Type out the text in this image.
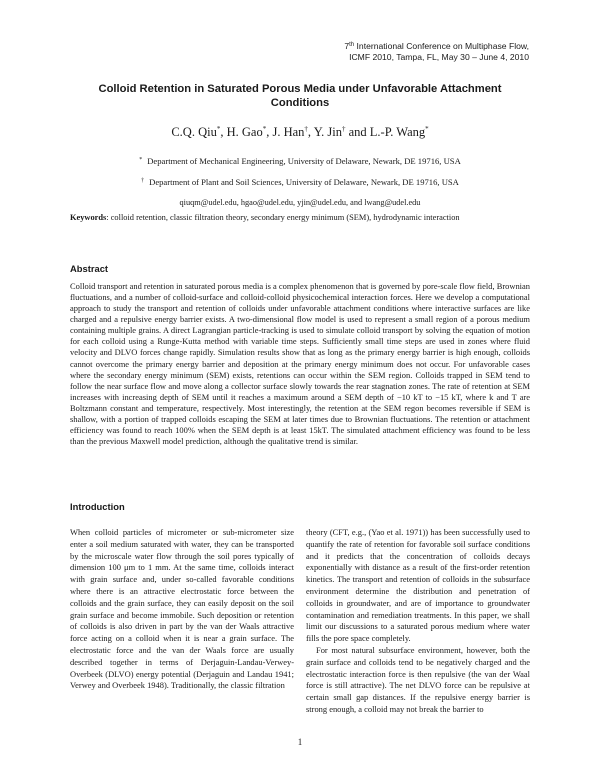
7th International Conference on Multiphase Flow,
ICMF 2010, Tampa, FL, May 30 – June 4, 2010
Colloid Retention in Saturated Porous Media under Unfavorable Attachment Conditions
C.Q. Qiu*, H. Gao*, J. Han†, Y. Jin† and L.-P. Wang*
* Department of Mechanical Engineering, University of Delaware, Newark, DE 19716, USA
† Department of Plant and Soil Sciences, University of Delaware, Newark, DE 19716, USA
qiuqm@udel.edu, hgao@udel.edu, yjin@udel.edu, and lwang@udel.edu
Keywords: colloid retention, classic filtration theory, secondary energy minimum (SEM), hydrodynamic interaction
Abstract
Colloid transport and retention in saturated porous media is a complex phenomenon that is governed by pore-scale flow field, Brownian fluctuations, and a number of colloid-surface and colloid-colloid physicochemical interaction forces. Here we develop a computational approach to study the transport and retention of colloids under unfavorable attachment conditions where interactive surfaces are like charged and a repulsive energy barrier exists. A two-dimensional flow model is used to represent a small region of a porous medium containing multiple grains. A direct Lagrangian particle-tracking is used to simulate colloid transport by solving the equation of motion for each colloid using a Runge-Kutta method with variable time steps. Sufficiently small time steps are used in zones where fluid velocity and DLVO forces change rapidly. Simulation results show that as long as the primary energy barrier is high enough, colloids cannot overcome the primary energy barrier and deposition at the primary energy minimum does not occur. For unfavorable cases where the secondary energy minimum (SEM) exists, retentions can occur within the SEM region. Colloids trapped in SEM tend to follow the near surface flow and move along a collector surface slowly towards the rear stagnation zones. The rate of retention at SEM increases with increasing depth of SEM until it reaches a maximum around a SEM depth of −10 kT to −15 kT, where k and T are Boltzmann constant and temperature, respectively. Most interestingly, the retention at the SEM regon becomes reversible if SEM is shallow, with a portion of trapped colloids escaping the SEM at later times due to Brownian fluctuations. The retention or attachment efficiency was found to reach 100% when the SEM depth is at least 15kT. The simulated attachment efficiency was found to be less than the previous Maxwell model prediction, although the qualitative trend is similar.
Introduction

When colloid particles of micrometer or sub-micrometer size enter a soil medium saturated with water, they can be transported by the microscale water flow through the soil pores typically of dimension 100 μm to 1 mm. At the same time, colloids interact with grain surface and, under so-called favorable conditions where there is an attractive electrostatic force between the colloids and the grain surface, they can easily deposit on the soil grain surface and become immobile. Such deposition or retention of colloids is also driven in part by the van der Waals attractive force acting on a colloid when it is near a grain surface. The electrostatic force and the van der Waals force are usually described together in terms of Derjaguin-Landau-Verwey-Overbeek (DLVO) energy potential (Derjaguin and Landau 1941; Verwey and Overbeek 1948). Traditionally, the classic filtration

theory (CFT, e.g., (Yao et al. 1971)) has been successfully used to quantify the rate of retention for favorable soil surface conditions and it predicts that the concentration of colloids decays exponentially with distance as a result of the first-order retention kinetics. The transport and retention of colloids in the subsurface environment determine the distribution and penetration of colloids in groundwater, and are of importance to groundwater contamination and remediation treatments. In this paper, we shall limit our discussions to a saturated porous medium where water fills the pore space completely.

For most natural subsurface environment, however, both the grain surface and colloids tend to be negatively charged and the electrostatic interaction force is then repulsive (the van der Waal force is still attractive). The net DLVO force can be repulsive at certain small gap distances. If the repulsive energy barrier is strong enough, a colloid may not break the barrier to

1
